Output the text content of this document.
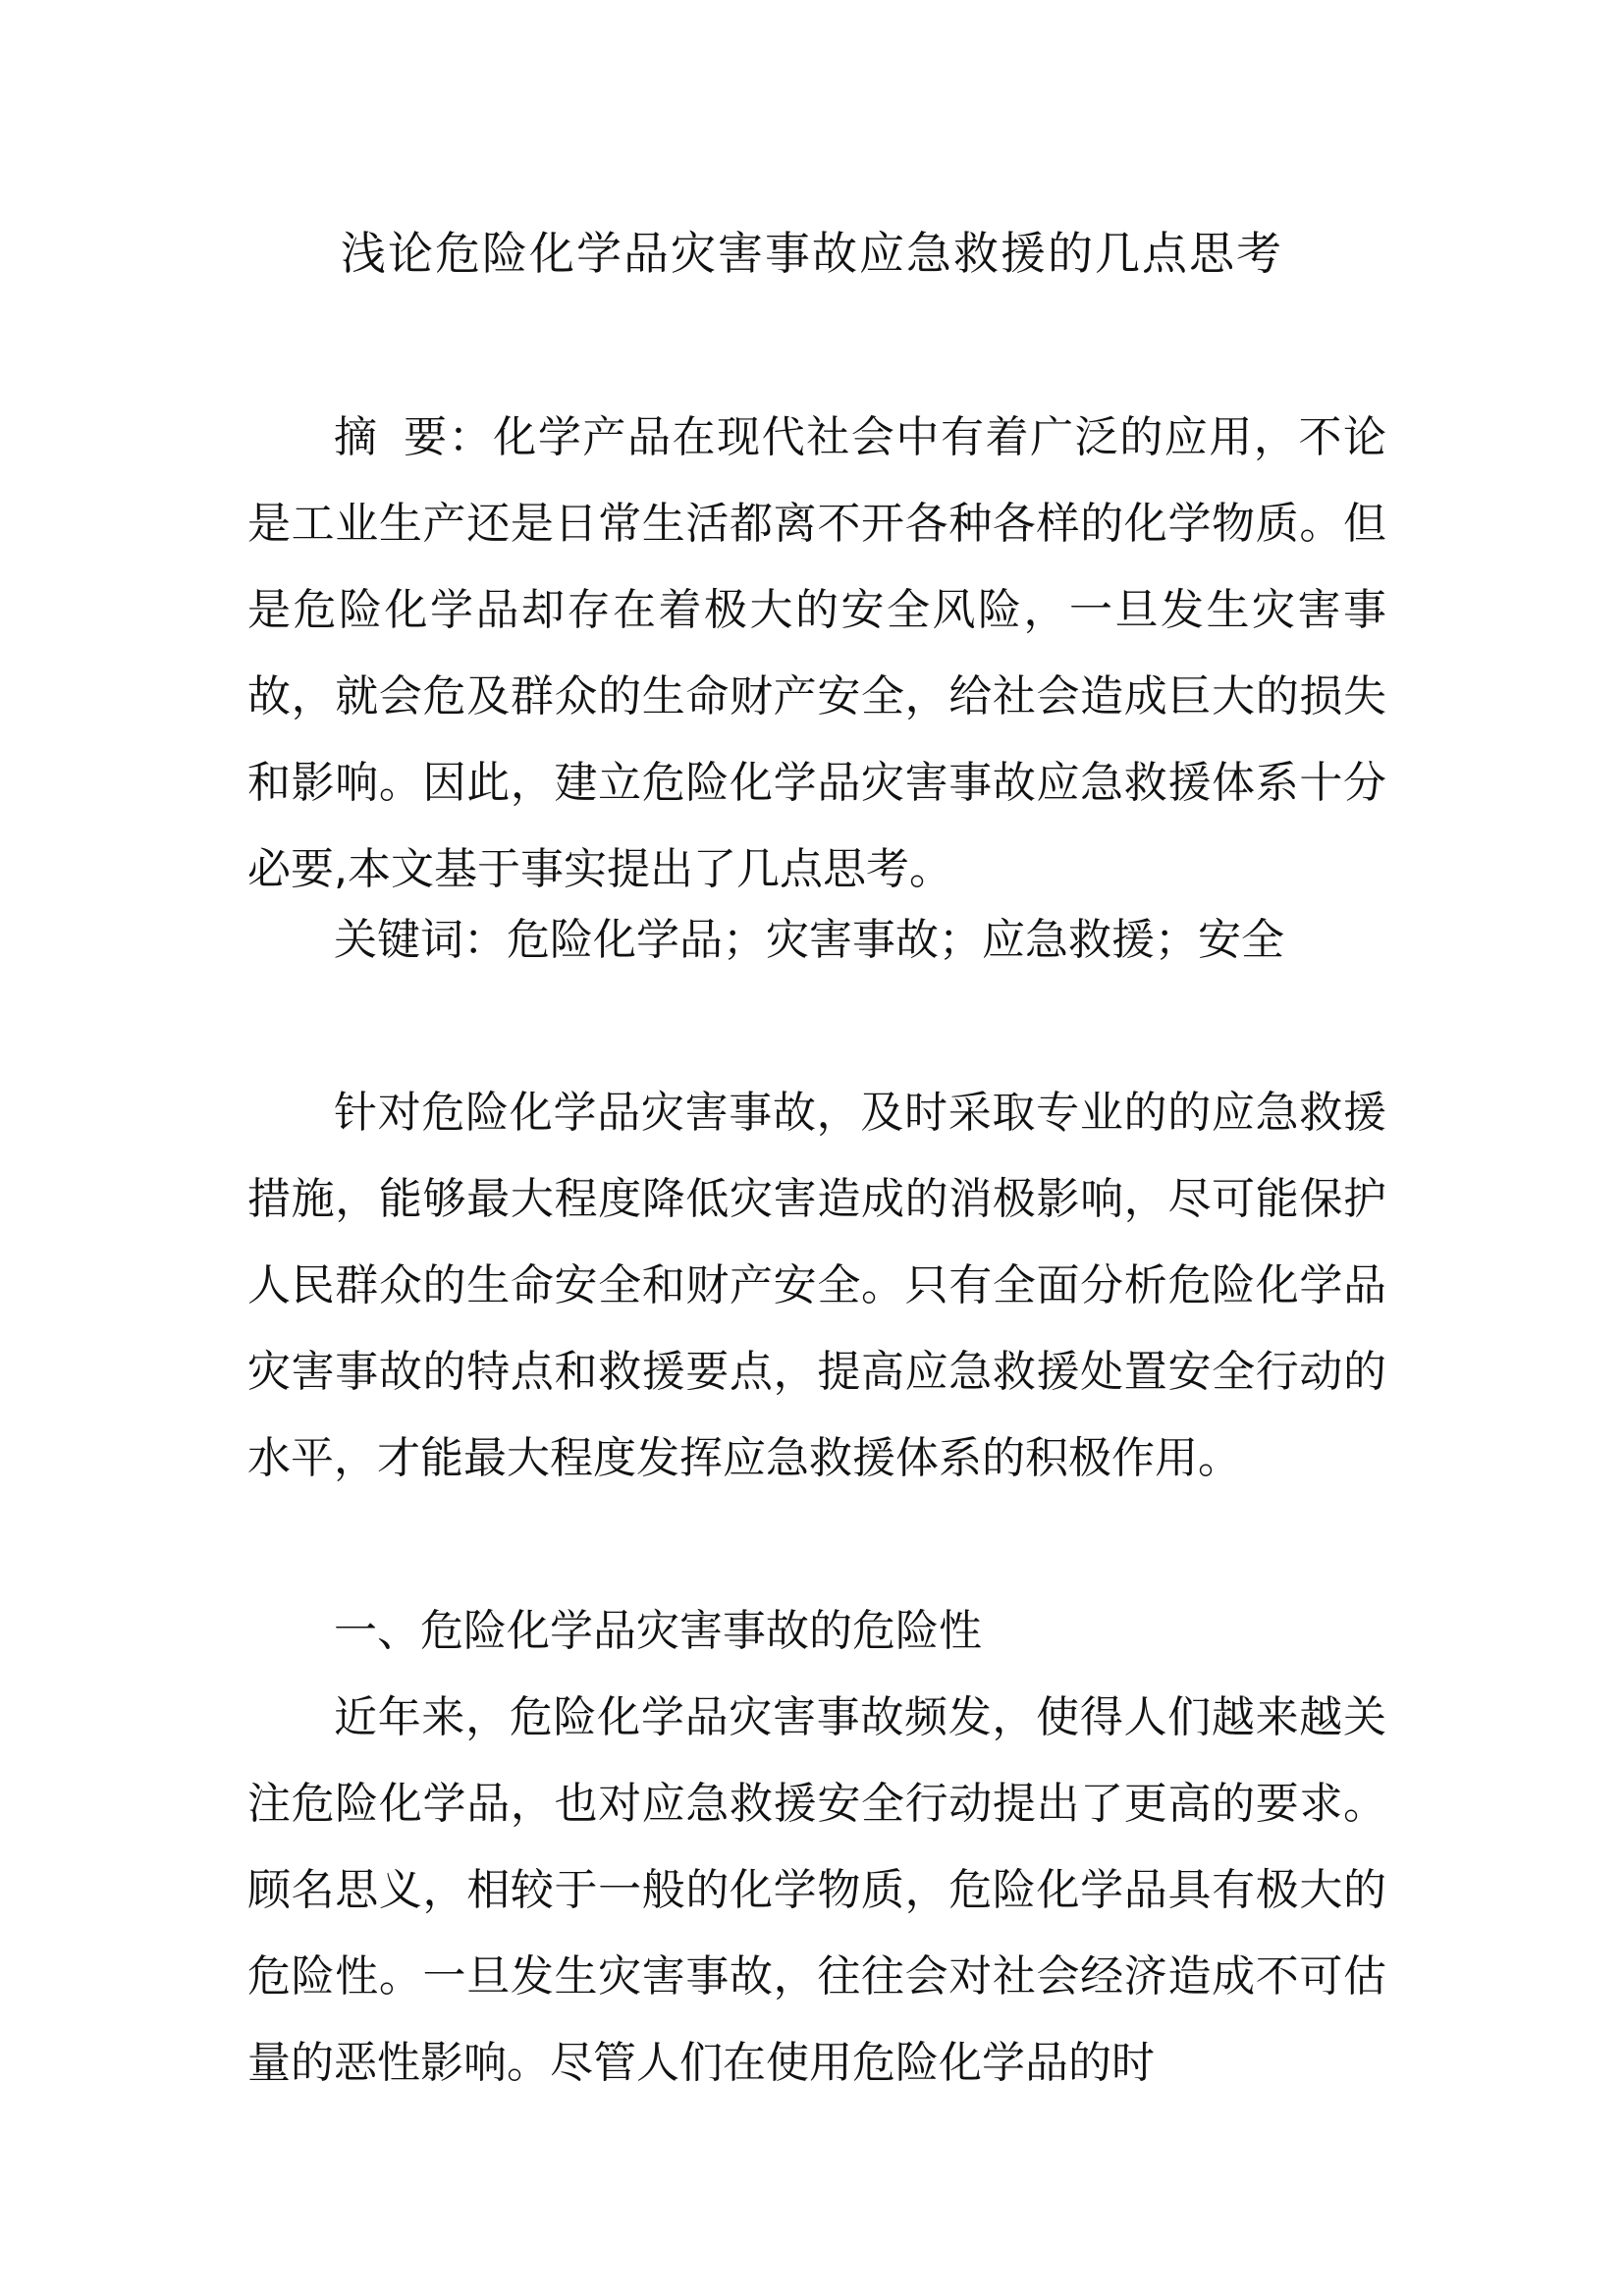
浅论危险化学品灾害事故应急救援的几点思考
摘 要：化学产品在现代社会中有着广泛的应用，不论是工业生产还是日常生活都离不开各种各样的化学物质。但是危险化学品却存在着极大的安全风险，一旦发生灾害事故，就会危及群众的生命财产安全，给社会造成巨大的损失和影响。因此，建立危险化学品灾害事故应急救援体系十分必要,本文基于事实提出了几点思考。
关键词：危险化学品；灾害事故；应急救援；安全
针对危险化学品灾害事故，及时采取专业的的应急救援措施，能够最大程度降低灾害造成的消极影响，尽可能保护人民群众的生命安全和财产安全。只有全面分析危险化学品灾害事故的特点和救援要点，提高应急救援处置安全行动的水平，才能最大程度发挥应急救援体系的积极作用。
一、危险化学品灾害事故的危险性
近年来，危险化学品灾害事故频发，使得人们越来越关注危险化学品，也对应急救援安全行动提出了更高的要求。顾名思义，相较于一般的化学物质，危险化学品具有极大的危险性。一旦发生灾害事故，往往会对社会经济造成不可估量的恶性影响。尽管人们在使用危险化学品的时
